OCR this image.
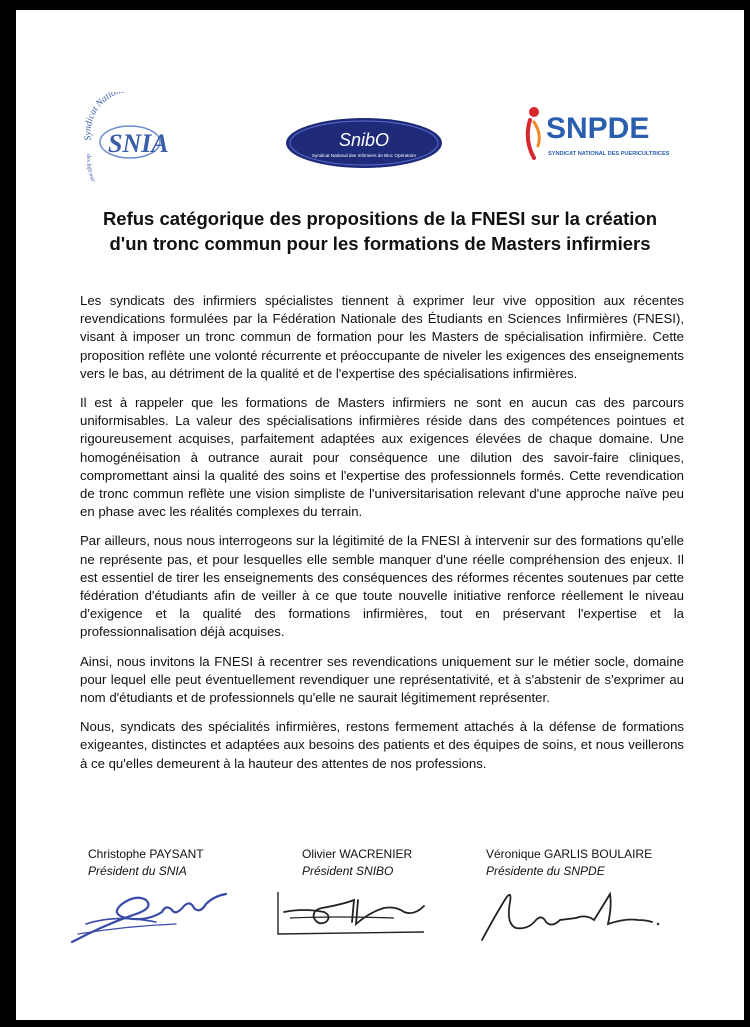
Syndicat Natio
SNIA
des Infirmie
SnibO
Syndicat National des Infirmiers de Bloc Opératoire
SNPDE
SYNDICAT NATIONAL DES PUERICULTRICES
Refus catégorique des propositions de la FNESI sur la création
d'un tronc commun pour les formations de Masters infirmiers

Les syndicats des infirmiers spécialistes tiennent à exprimer leur vive opposition aux récentes revendications formulées par la Fédération Nationale des Étudiants en Sciences Infirmières (FNESI), visant à imposer un tronc commun de formation pour les Masters de spécialisation infirmière. Cette proposition reflète une volonté récurrente et préoccupante de niveler les exigences des enseignements vers le bas, au détriment de la qualité et de l'expertise des spécialisations infirmières.

Il est à rappeler que les formations de Masters infirmiers ne sont en aucun cas des parcours uniformisables. La valeur des spécialisations infirmières réside dans des compétences pointues et rigoureusement acquises, parfaitement adaptées aux exigences élevées de chaque domaine. Une homogénéisation à outrance aurait pour conséquence une dilution des savoir-faire cliniques, compromettant ainsi la qualité des soins et l'expertise des professionnels formés. Cette revendication de tronc commun reflète une vision simpliste de l'universitarisation relevant d'une approche naïve peu en phase avec les réalités complexes du terrain.

Par ailleurs, nous nous interrogeons sur la légitimité de la FNESI à intervenir sur des formations qu'elle ne représente pas, et pour lesquelles elle semble manquer d'une réelle compréhension des enjeux. Il est essentiel de tirer les enseignements des conséquences des réformes récentes soutenues par cette fédération d'étudiants afin de veiller à ce que toute nouvelle initiative renforce réellement le niveau d'exigence et la qualité des formations infirmières, tout en préservant l'expertise et la professionnalisation déjà acquises.

Ainsi, nous invitons la FNESI à recentrer ses revendications uniquement sur le métier socle, domaine pour lequel elle peut éventuellement revendiquer une représentativité, et à s'abstenir de s'exprimer au nom d'étudiants et de professionnels qu'elle ne saurait légitimement représenter.

Nous, syndicats des spécialités infirmières, restons fermement attachés à la défense de formations exigeantes, distinctes et adaptées aux besoins des patients et des équipes de soins, et nous veillerons à ce qu'elles demeurent à la hauteur des attentes de nos professions.

Christophe PAYSANT
Président du SNIA
Olivier WACRENIER
Président SNIBO
Véronique GARLIS BOULAIRE
Présidente du SNPDE
